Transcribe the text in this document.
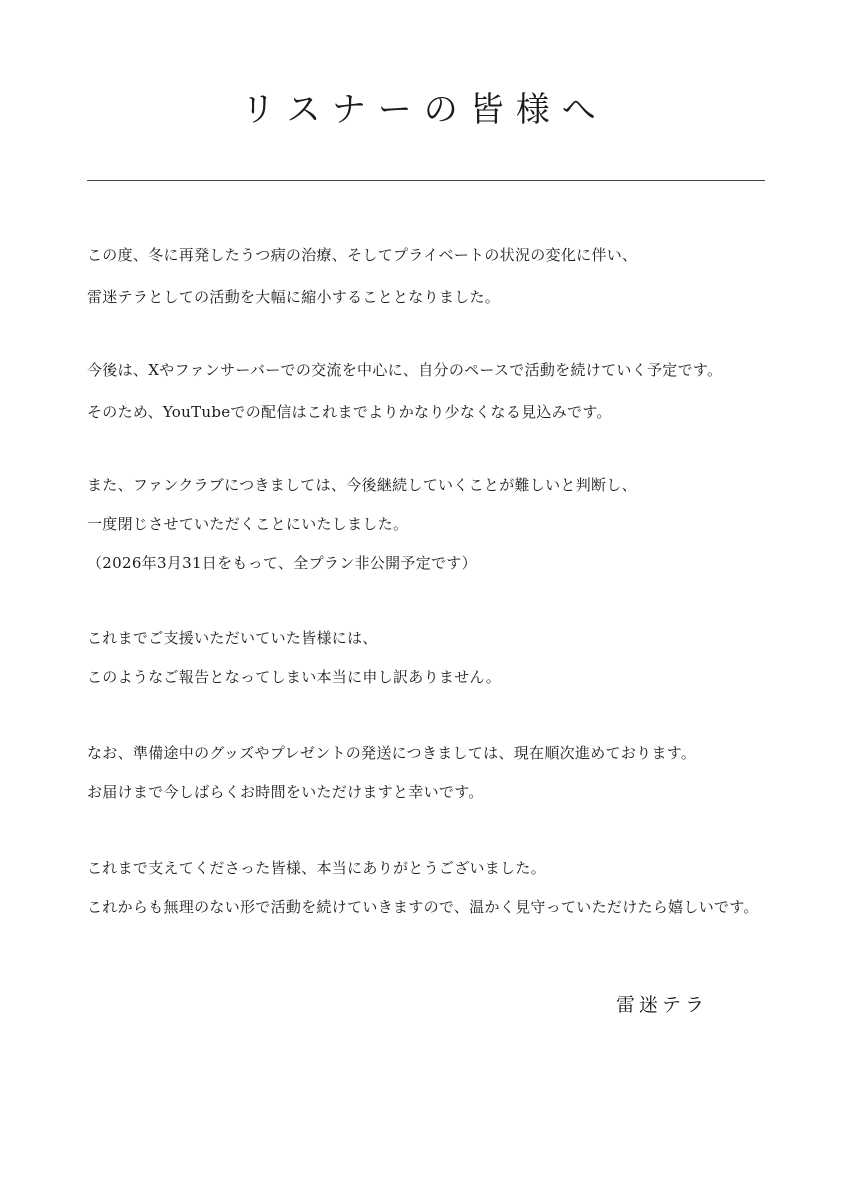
リスナーの皆様へ
この度、冬に再発したうつ病の治療、そしてプライベートの状況の変化に伴い、
雷迷テラとしての活動を大幅に縮小することとなりました。
今後は、Xやファンサーバーでの交流を中心に、自分のペースで活動を続けていく予定です。
そのため、YouTubeでの配信はこれまでよりかなり少なくなる見込みです。
また、ファンクラブにつきましては、今後継続していくことが難しいと判断し、
一度閉じさせていただくことにいたしました。
（2026年3月31日をもって、全プラン非公開予定です）
これまでご支援いただいていた皆様には、
このようなご報告となってしまい本当に申し訳ありません。
なお、準備途中のグッズやプレゼントの発送につきましては、現在順次進めております。
お届けまで今しばらくお時間をいただけますと幸いです。
これまで支えてくださった皆様、本当にありがとうございました。
これからも無理のない形で活動を続けていきますので、温かく見守っていただけたら嬉しいです。
雷迷テラ
